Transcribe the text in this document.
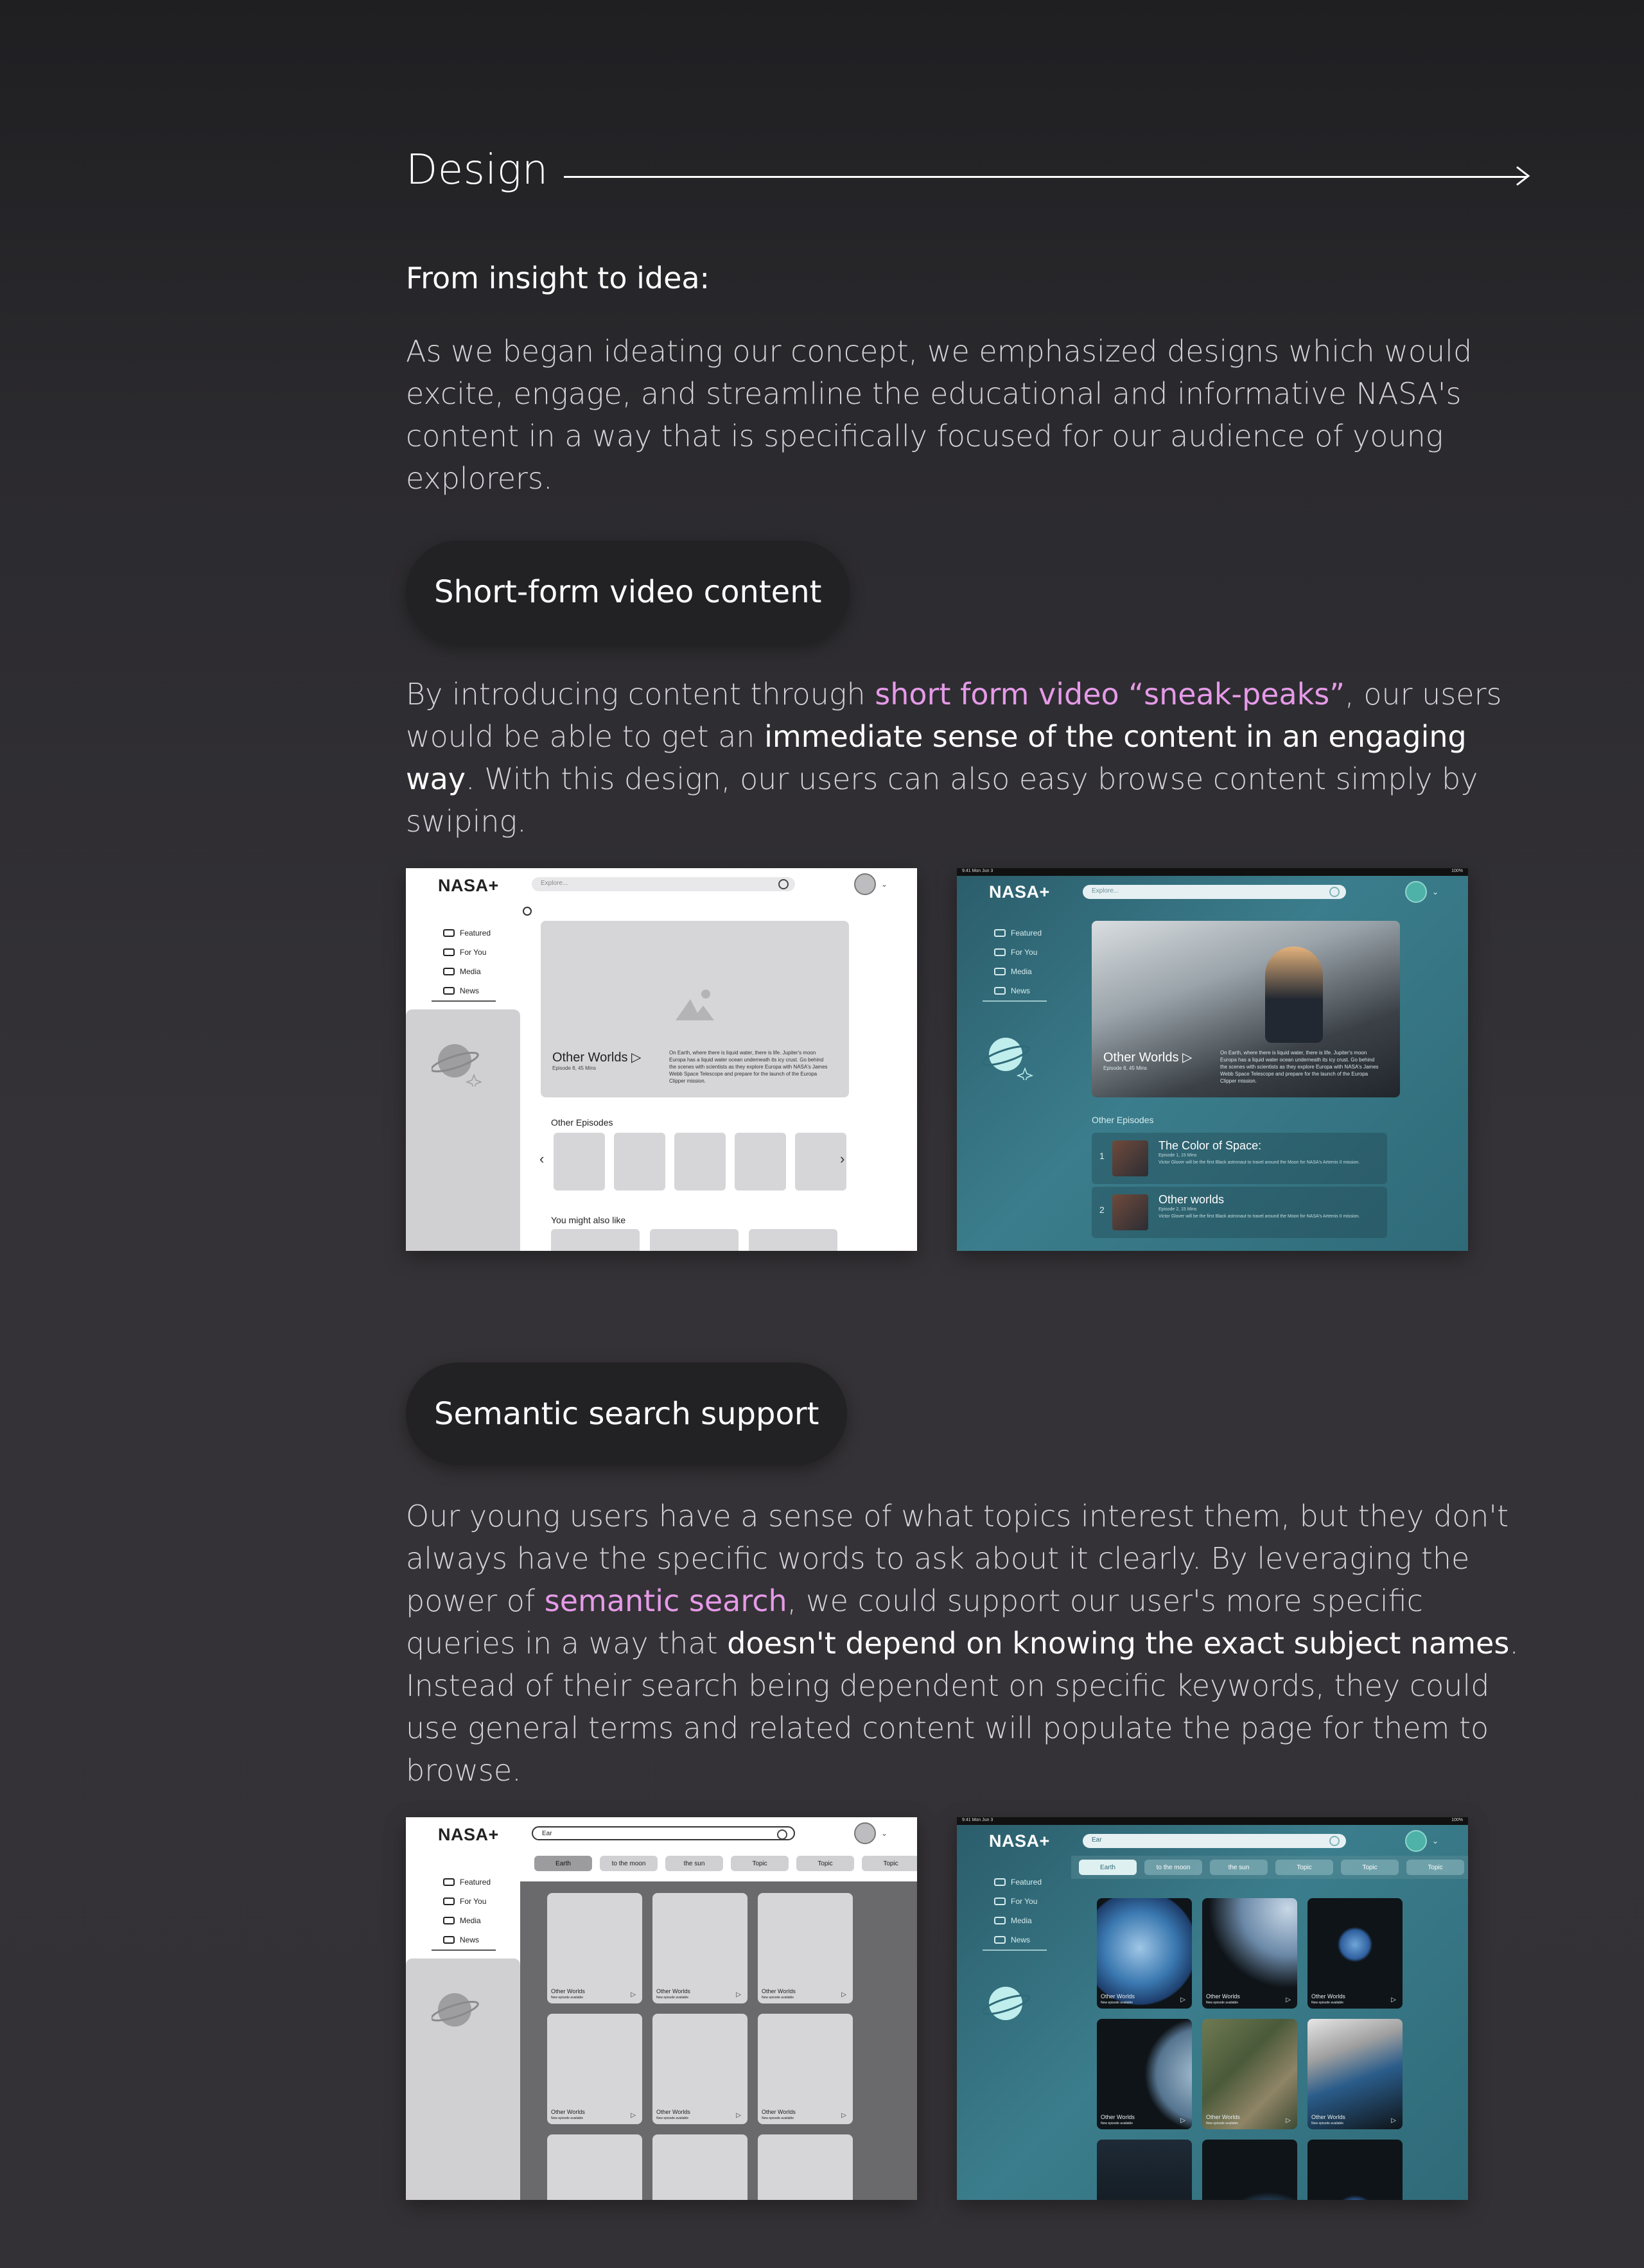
Design
From insight to idea:
As we began ideating our concept, we emphasized designs which would excite, engage, and streamline the educational and informative NASA's content in a way that is specifically focused for our audience of young explorers.
Short-form video content
By introducing content through short form video “sneak-peaks”, our users would be able to get an immediate sense of the content in an engaging way. With this design, our users can also easy browse content simply by swiping.
NASA+	Explore...	⌄
Featured
For You
Media
News
Other Worlds ▷
Episode 8, 45 Mins
On Earth, where there is liquid water, there is life. Jupiter's moon Europa has a liquid water ocean underneath its icy crust. Go behind the scenes with scientists as they explore Europa with NASA's James Webb Space Telescope and prepare for the launch of the Europa Clipper mission.
Other Episodes
‹	›
You might also like
9:41 Mon Jun 3	100%
NASA+	Explore...	⌄
Featured
For You
Media
News
Other Worlds ▷
Episode 8, 45 Mins
On Earth, where there is liquid water, there is life. Jupiter's moon Europa has a liquid water ocean underneath its icy crust. Go behind the scenes with scientists as they explore Europa with NASA's James Webb Space Telescope and prepare for the launch of the Europa Clipper mission.
Other Episodes
1
The Color of Space:
Episode 1, 15 Mins
Victor Glover will be the first Black astronaut to travel around the Moon for NASA's Artemis II mission.
2
Other worlds
Episode 2, 15 Mins
Victor Glover will be the first Black astronaut to travel around the Moon for NASA's Artemis II mission.
Semantic search support
Our young users have a sense of what topics interest them, but they don't always have the specific words to ask about it clearly. By leveraging the power of semantic search, we could support our user's more specific queries in a way that doesn't depend on knowing the exact subject names. Instead of their search being dependent on specific keywords, they could use general terms and related content will populate the page for them to browse.
NASA+	Ear	⌄
Featured
For You
Media
News
Earth	to the moon	the sun	Topic	Topic	Topic
Other Worlds
New episode available	▷	Other Worlds
New episode available	▷	Other Worlds
New episode available	▷
Other Worlds
New episode available	▷	Other Worlds
New episode available	▷	Other Worlds
New episode available	▷
9:41 Mon Jun 3	100%
NASA+	Ear	⌄
Featured
For You
Media
News
Earth	to the moon	the sun	Topic	Topic	Topic
Other Worlds
New episode available	▷	Other Worlds
New episode available	▷	Other Worlds
New episode available	▷
Other Worlds
New episode available	▷	Other Worlds
New episode available	▷	Other Worlds
New episode available	▷
